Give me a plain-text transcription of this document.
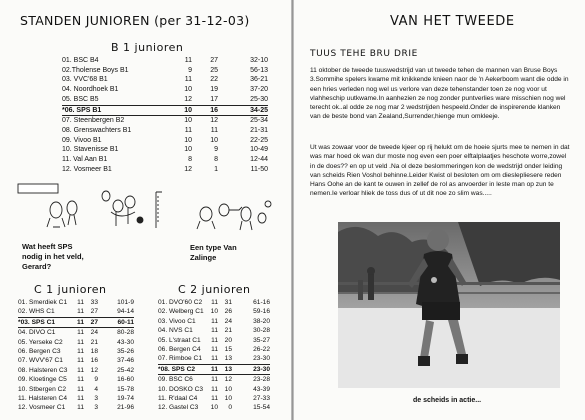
STANDEN JUNIOREN (per 31-12-03)
B 1 junioren
01. BSC B4	11	27	32-10
02.Tholense Boys B1	9	25	56-13
03. VVC'68 B1	11	22	36-21
04. Noordhoek B1	10	19	37-20
05. BSC B5	12	17	25-30
*06. SPS B1	10	16	34-25
07. Steenbergen B2	10	12	25-34
08. Grenswachters B1	11	11	21-31
09. Vivoo B1	10	10	22-25
10. Stavenisse B1	10	9	10-49
11. Val Aan B1	8	8	12-44
12. Vosmeer B1	12	1	11-50
Wat heeft SPS
nodig in het veld,
Gerard?
Een type Van
Zalinge
C 1 junioren	C 2 junioren
01. Smerdiek C1	11	33	101-9
02. WHS C1	11	27	94-14
*03. SPS C1	11	27	60-11
04. DIVO C1	11	24	80-28
05. Yerseke C2	11	21	43-30
06. Bergen C3	11	18	35-26
07. WVV'67 C1	11	16	37-46
08. Halsteren C3	11	12	25-42
09. Kloetinge C5	11	9	16-60
10. Stbergen C2	11	4	15-78
11. Halsteren C4	11	3	19-74
12. Vosmeer C1	11	3	21-96
01. DVO'60 C2	11	31	61-16
02. Welberg C1	10	26	59-16
03. Vivoo C1	11	24	38-20
04. NVS C1	11	21	30-28
05. L'straat C1	11	20	35-27
06. Bergen C4	11	15	26-22
07. Rimboe C1	11	13	23-30
*08. SPS C2	11	13	23-30
09. BSC C6	11	12	23-28
10. DOSKO C3	11	10	43-39
11. R'daal C4	11	10	27-33
12. Gastel C3	10	0	15-54
VAN HET TWEEDE
TUUS TEHE BRU DRIE
11 oktober de tweede tuuswedstrijd van ut tweede tehen de mannen van Bruse Boys 3.Sommihe spelers kwame mit knikkende knieen naor de 'n Aekerboom want die odde in een hries verleden nog wel us verlore van deze tehenstander toen ze nog voor ut vlahheschip uutkwame.In aanhezien ze nog zonder puntverlies ware misschien nog wel terecht ok..al odde ze nog mar 2 wedstrijden hespeeld.Onder de inspirerende klanken van de beste bond van Zealand,Surrender,hienge mun omkleeje.
Ut was zowaar voor de tweede kjeer op rij helukt om de hoeie sjurts mee te nemen in dat was mar hoed ok wan dur moste nog even een poer elftalplaatjes heschote worre,zowel in de does?? en op ut veld .Na ol deze beslommeringen kon de wedstrijd onder leiding van scheids Rien Voshol behinne.Leider Kwist ol besloten om om dieslepliesere reden Hans Oohe an de kant te ouwen in zellef de rol as anvoerder in leste man op zun te nemen.Ie verloar hliek de toss dus of ut dit noe zo slim was.....
de scheids in actie...
